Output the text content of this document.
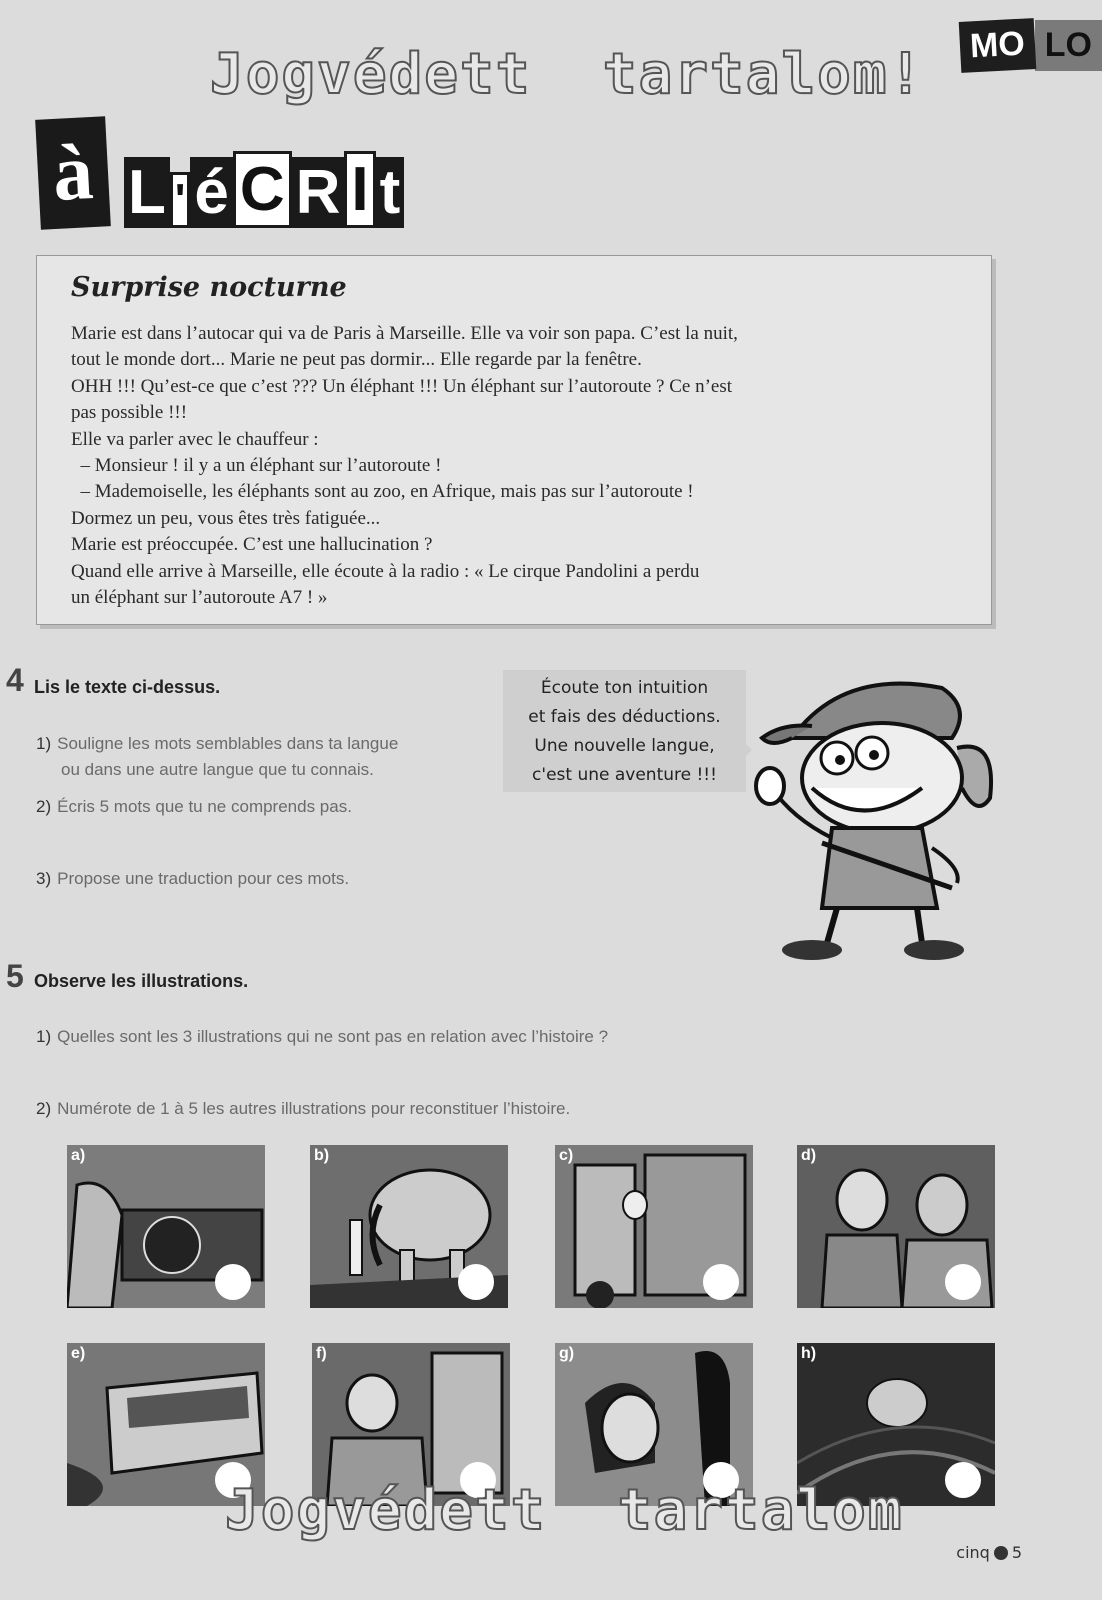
Jogvédett  tartalom!	MO LO
à L ' é C R I t
Surprise nocturne

Marie est dans l’autocar qui va de Paris à Marseille. Elle va voir son papa. C’est la nuit,

tout le monde dort... Marie ne peut pas dormir... Elle regarde par la fenêtre.

OHH !!! Qu’est-ce que c’est ??? Un éléphant !!! Un éléphant sur l’autoroute ? Ce n’est

pas possible !!!

Elle va parler avec le chauffeur :

– Monsieur ! il y a un éléphant sur l’autoroute !

– Mademoiselle, les éléphants sont au zoo, en Afrique, mais pas sur l’autoroute !

Dormez un peu, vous êtes très fatiguée...

Marie est préoccupée. C’est une hallucination ?

Quand elle arrive à Marseille, elle écoute à la radio : « Le cirque Pandolini a perdu

un éléphant sur l’autoroute A7 ! »

4 Lis le texte ci-dessus.
1) Souligne les mots semblables dans ta langue
ou dans une autre langue que tu connais.
2) Écris 5 mots que tu ne comprends pas.
3) Propose une traduction pour ces mots.
Écoute ton intuition
et fais des déductions.
Une nouvelle langue,
c'est une aventure !!!
5 Observe les illustrations.
1) Quelles sont les 3 illustrations qui ne sont pas en relation avec l’histoire ?
2) Numérote de 1 à 5 les autres illustrations pour reconstituer l’histoire.
a)	b)	c)	d)
e)	f)	g)	h)
Jogvédett  tartalom
cinq 5
